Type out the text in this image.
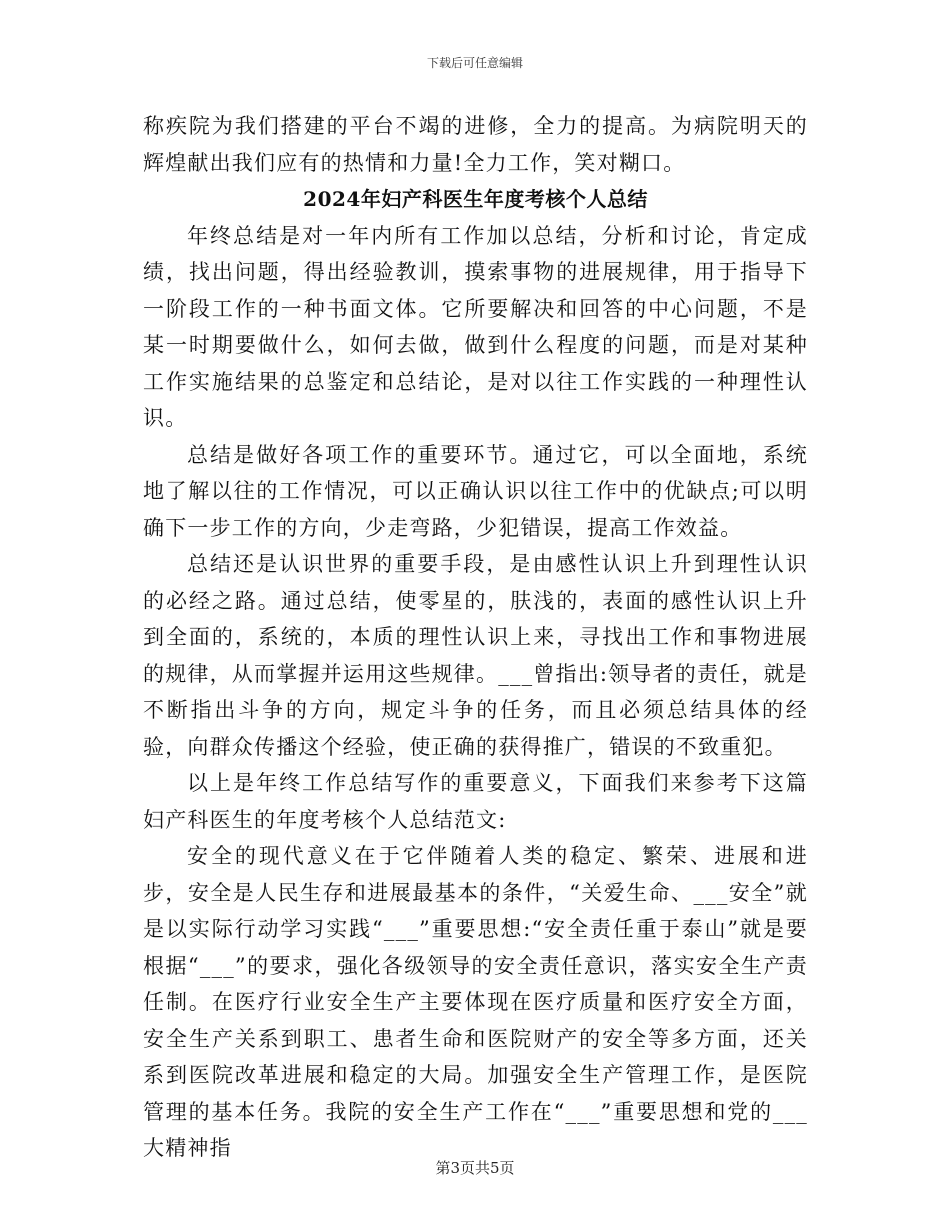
下载后可任意编辑

称疾院为我们搭建的平台不竭的进修，全力的提高。为病院明天的辉煌献出我们应有的热情和力量!全力工作，笑对糊口。

2024年妇产科医生年度考核个人总结

年终总结是对一年内所有工作加以总结，分析和讨论，肯定成绩，找出问题，得出经验教训，摸索事物的进展规律，用于指导下一阶段工作的一种书面文体。它所要解决和回答的中心问题，不是某一时期要做什么，如何去做，做到什么程度的问题，而是对某种工作实施结果的总鉴定和总结论，是对以往工作实践的一种理性认识。

总结是做好各项工作的重要环节。通过它，可以全面地，系统地了解以往的工作情况，可以正确认识以往工作中的优缺点;可以明确下一步工作的方向，少走弯路，少犯错误，提高工作效益。

总结还是认识世界的重要手段，是由感性认识上升到理性认识的必经之路。通过总结，使零星的，肤浅的，表面的感性认识上升到全面的，系统的，本质的理性认识上来，寻找出工作和事物进展的规律，从而掌握并运用这些规律。___曾指出:领导者的责任，就是不断指出斗争的方向，规定斗争的任务，而且必须总结具体的经验，向群众传播这个经验，使正确的获得推广，错误的不致重犯。

以上是年终工作总结写作的重要意义，下面我们来参考下这篇妇产科医生的年度考核个人总结范文:

安全的现代意义在于它伴随着人类的稳定、繁荣、进展和进步，安全是人民生存和进展最基本的条件，“关爱生命、___安全”就是以实际行动学习实践“___”重要思想:“安全责任重于泰山”就是要根据“___”的要求，强化各级领导的安全责任意识，落实安全生产责任制。在医疗行业安全生产主要体现在医疗质量和医疗安全方面，安全生产关系到职工、患者生命和医院财产的安全等多方面，还关系到医院改革进展和稳定的大局。加强安全生产管理工作，是医院管理的基本任务。我院的安全生产工作在“___”重要思想和党的___大精神指

第3页共5页
